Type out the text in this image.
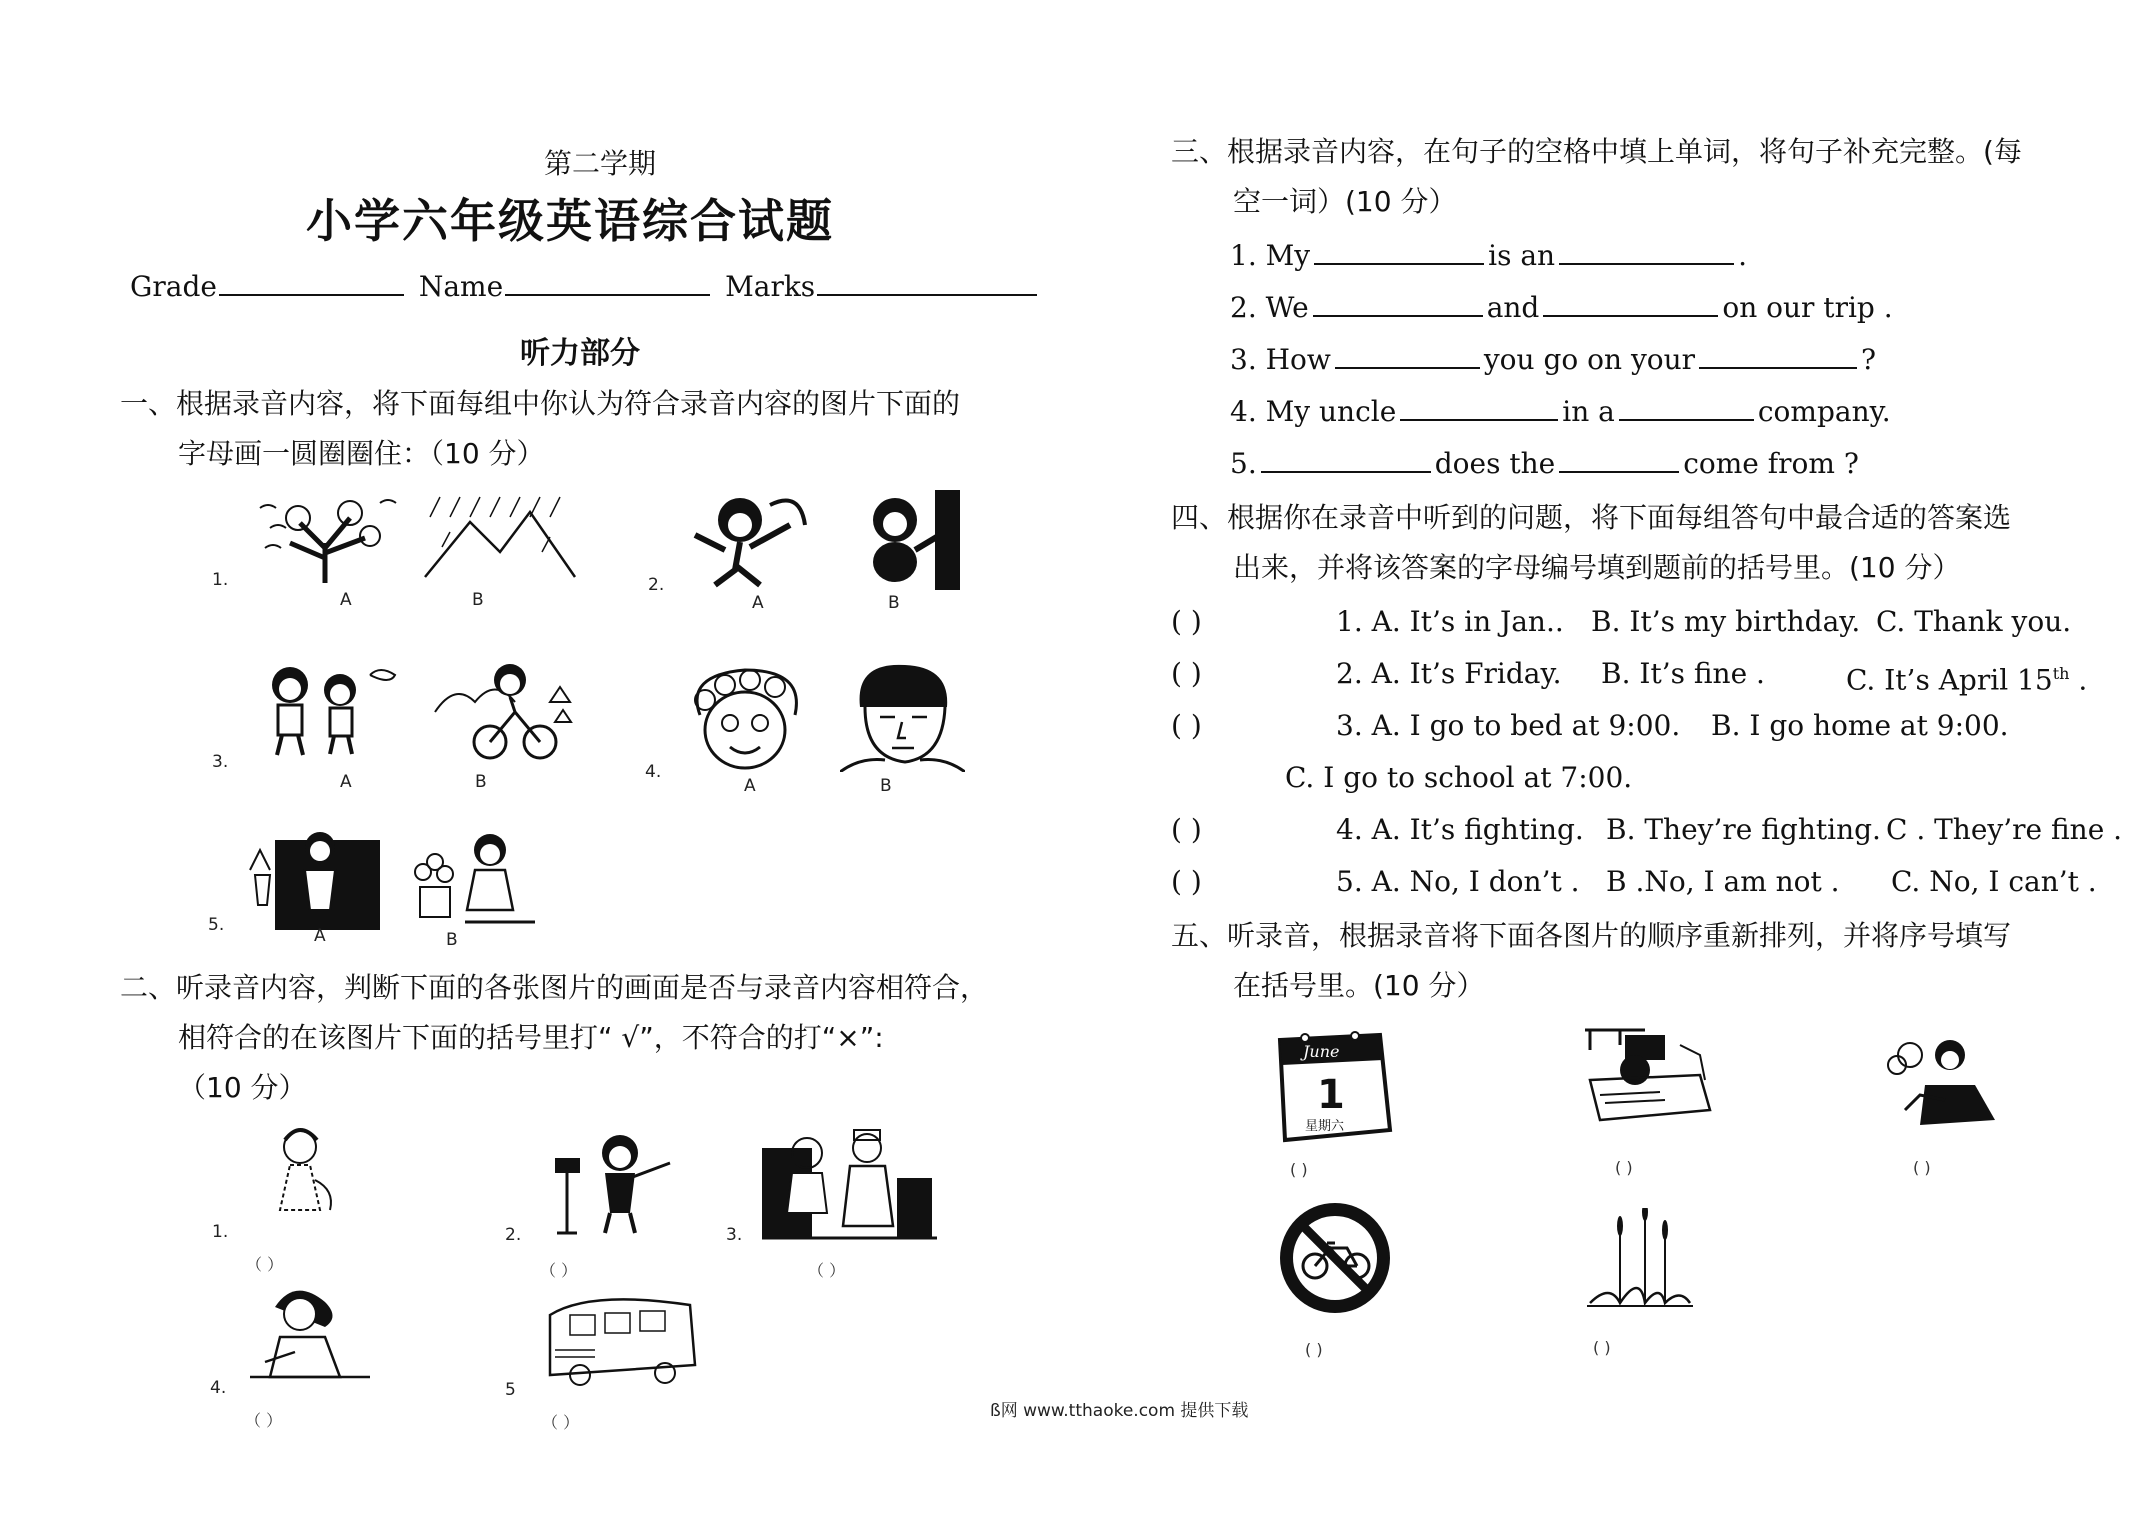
第二学期
小学六年级英语综合试题
Grade	Name	Marks
听力部分
一、根据录音内容，将下面每组中你认为符合录音内容的图片下面的
字母画一圆圈圈住：（10 分）
1.
A	B
2.
A	B
3.
A	B	4.
A	B
5.
A	B
二、听录音内容，判断下面的各张图片的画面是否与录音内容相符合，
相符合的在该图片下面的括号里打“ √”，不符合的打“×”:
（10 分）
1.
（ ）
2.
（ ）
3.
（ ）
4.
（ ）
5
（ ）
三、根据录音内容，在句子的空格中填上单词，将句子补充完整。(每
空一词）(10 分）
1. My	is an	.
2. We	and	on our trip .
3. How	you go on your	?
4. My uncle	in a	company.
5.	does the	come from ?
四、根据你在录音中听到的问题，将下面每组答句中最合适的答案选
出来，并将该答案的字母编号填到题前的括号里。(10 分）
( )	1. A. It’s in Jan.. B. It’s my birthday. C. Thank you.
( )	2. A. It’s Friday. B. It’s fine .	C. It’s April 15th .
( )	3. A. I go to bed at 9:00. B. I go home at 9:00.
C. I go to school at 7:00.
( )	4. A. It’s fighting. B. They’re fighting. C . They’re fine .
( )	5. A. No, I don’t . B .No, I am not . C. No, I can’t .
五、听录音，根据录音将下面各图片的顺序重新排列，并将序号填写
在括号里。(10 分）
June
1
星期六
( )	( )	( )
( )	( )
ß网 www.tthaoke.com 提供下载
